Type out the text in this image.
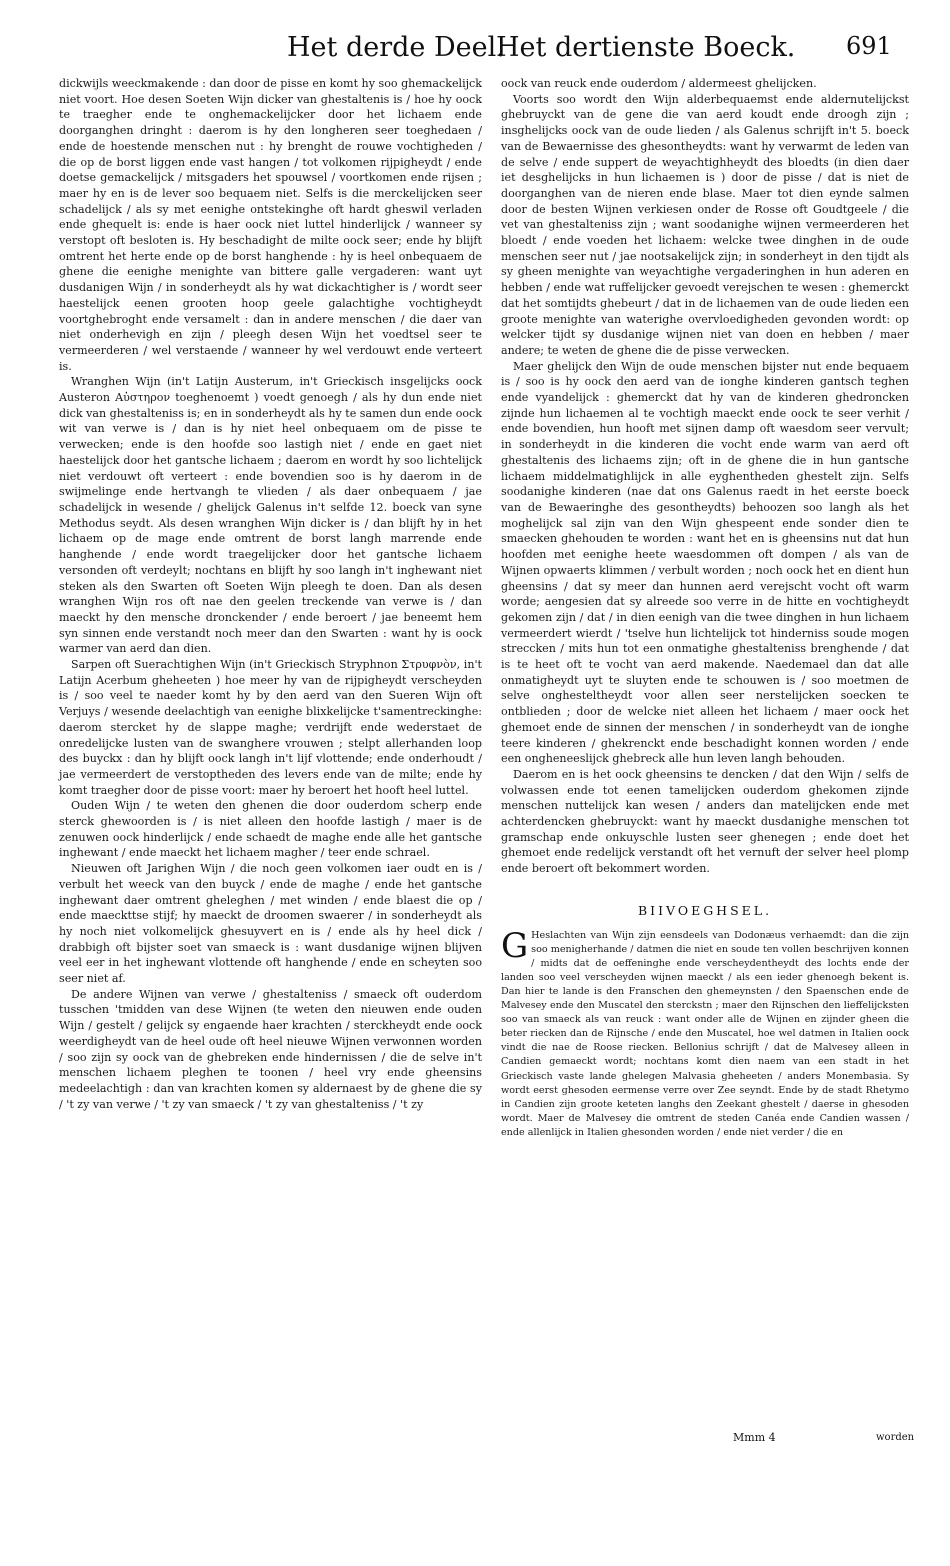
Het derde Deel.
Het dertienste Boeck. 691

dickwijls weeckmakende : dan door de pisse en komt hy soo ghemackelijck niet voort. Hoe desen Soeten Wijn dicker van ghestaltenis is / hoe hy oock te traegher ende te onghemackelijcker door het lichaem ende doorganghen dringht : daerom is hy den longheren seer toeghedaen / ende de hoestende menschen nut : hy brenght de rouwe vochtigheden / die op de borst liggen ende vast hangen / tot volkomen rijpigheydt / ende doetse gemackelijck / mitsgaders het spouwsel / voortkomen ende rijsen ; maer hy en is de lever soo bequaem niet. Selfs is die merckelijcken seer schadelijck / als sy met eenighe ontstekinghe oft hardt gheswil verladen ende ghequelt is: ende is haer oock niet luttel hinderlijck / wanneer sy verstopt oft besloten is. Hy beschadight de milte oock seer; ende hy blijft omtrent het herte ende op de borst hanghende : hy is heel onbequaem de ghene die eenighe menighte van bittere galle vergaderen: want uyt dusdanigen Wijn / in sonderheydt als hy wat dickachtigher is / wordt seer haestelijck eenen grooten hoop geele galachtighe vochtigheydt voortghebroght ende versamelt : dan in andere menschen / die daer van niet onderhevigh en zijn / pleegh desen Wijn het voedtsel seer te vermeerderen / wel verstaende / wanneer hy wel verdouwt ende verteert is.

Wranghen Wijn (in't Latijn Austerum, in't Grieckisch insgelijcks oock Austeron Aὐστηρον toeghenoemt ) voedt genoegh / als hy dun ende niet dick van ghestalteniss is; en in sonderheydt als hy te samen dun ende oock wit van verwe is / dan is hy niet heel onbequaem om de pisse te verwecken; ende is den hoofde soo lastigh niet / ende en gaet niet haestelijck door het gantsche lichaem ; daerom en wordt hy soo lichtelijck niet verdouwt oft verteert : ende bovendien soo is hy daerom in de swijmelinge ende hertvangh te vlieden / als daer onbequaem / jae schadelijck in wesende / ghelijck Galenus in't selfde 12. boeck van syne Methodus seydt. Als desen wranghen Wijn dicker is / dan blijft hy in het lichaem op de mage ende omtrent de borst langh marrende ende hanghende / ende wordt traegelijcker door het gantsche lichaem versonden oft verdeylt; nochtans en blijft hy soo langh in't inghewant niet steken als den Swarten oft Soeten Wijn pleegh te doen. Dan als desen wranghen Wijn ros oft nae den geelen treckende van verwe is / dan maeckt hy den mensche dronckender / ende beroert / jae beneemt hem syn sinnen ende verstandt noch meer dan den Swarten : want hy is oock warmer van aerd dan dien.

Sarpen oft Suerachtighen Wijn (in't Grieckisch Stryphnon Στρυφνὸν, in't Latijn Acerbum gheheeten ) hoe meer hy van de rijpigheydt verscheyden is / soo veel te naeder komt hy by den aerd van den Sueren Wijn oft Verjuys / wesende deelachtigh van eenighe blixkelijcke t'samentreckinghe: daerom stercket hy de slappe maghe; verdrijft ende wederstaet de onredelijcke lusten van de swanghere vrouwen ; stelpt allerhanden loop des buyckx : dan hy blijft oock langh in't lijf vlottende; ende onderhoudt / jae vermeerdert de verstoptheden des levers ende van de milte; ende hy komt traegher door de pisse voort: maer hy beroert het hooft heel luttel.

Ouden Wijn / te weten den ghenen die door ouderdom scherp ende sterck ghewoorden is / is niet alleen den hoofde lastigh / maer is de zenuwen oock hinderlijck / ende schaedt de maghe ende alle het gantsche inghewant / ende maeckt het lichaem magher / teer ende schrael.

Nieuwen oft Jarighen Wijn / die noch geen volkomen iaer oudt en is / verbult het weeck van den buyck / ende de maghe / ende het gantsche inghewant daer omtrent gheleghen / met winden / ende blaest die op / ende maeckttse stijf; hy maeckt de droomen swaerer / in sonderheydt als hy noch niet volkomelijck ghesuyvert en is / ende als hy heel dick / drabbigh oft bijster soet van smaeck is : want dusdanige wijnen blijven veel eer in het inghewant vlottende oft hanghende / ende en scheyten soo seer niet af.

De andere Wijnen van verwe / ghestalteniss / smaeck oft ouderdom tusschen 'tmidden van dese Wijnen (te weten den nieuwen ende ouden Wijn / gestelt / gelijck sy engaende haer krachten / sterckheydt ende oock weerdigheydt van de heel oude oft heel nieuwe Wijnen verwonnen worden / soo zijn sy oock van de ghebreken ende hindernissen / die de selve in't menschen lichaem pleghen te toonen / heel vry ende gheensins medeelachtigh : dan van krachten komen sy aldernaest by de ghene die sy / 't zy van verwe / 't zy van smaeck / 't zy van ghestalteniss / 't zy

oock van reuck ende ouderdom / aldermeest ghelijcken.

Voorts soo wordt den Wijn alderbequaemst ende aldernutelijckst ghebruyckt van de gene die van aerd koudt ende droogh zijn ; insghelijcks oock van de oude lieden / als Galenus schrijft in't 5. boeck van de Bewaernisse des ghesontheydts: want hy verwarmt de leden van de selve / ende suppert de weyachtighheydt des bloedts (in dien daer iet desghelijcks in hun lichaemen is ) door de pisse / dat is niet de doorganghen van de nieren ende blase. Maer tot dien eynde salmen door de besten Wijnen verkiesen onder de Rosse oft Goudtgeele / die vet van ghestalteniss zijn ; want soodanighe wijnen vermeerderen het bloedt / ende voeden het lichaem: welcke twee dinghen in de oude menschen seer nut / jae nootsakelijck zijn; in sonderheyt in den tijdt als sy gheen menighte van weyachtighe vergaderinghen in hun aderen en hebben / ende wat ruffelijcker gevoedt verejschen te wesen : ghemerckt dat het somtijdts ghebeurt / dat in de lichaemen van de oude lieden een groote menighte van waterighe overvloedigheden gevonden wordt: op welcker tijdt sy dusdanige wijnen niet van doen en hebben / maer andere; te weten de ghene die de pisse verwecken.

Maer ghelijck den Wijn de oude menschen bijster nut ende bequaem is / soo is hy oock den aerd van de ionghe kinderen gantsch teghen ende vyandelijck : ghemerckt dat hy van de kinderen ghedroncken zijnde hun lichaemen al te vochtigh maeckt ende oock te seer verhit / ende bovendien, hun hooft met sijnen damp oft waesdom seer vervult; in sonderheydt in die kinderen die vocht ende warm van aerd oft ghestaltenis des lichaems zijn; oft in de ghene die in hun gantsche lichaem middelmatighlijck in alle eyghentheden ghestelt zijn. Selfs soodanighe kinderen (nae dat ons Galenus raedt in het eerste boeck van de Bewaeringhe des gesontheydts) behoozen soo langh als het moghelijck sal zijn van den Wijn ghespeent ende sonder dien te smaecken ghehouden te worden : want het en is gheensins nut dat hun hoofden met eenighe heete waesdommen oft dompen / als van de Wijnen opwaerts klimmen / verbult worden ; noch oock het en dient hun gheensins / dat sy meer dan hunnen aerd verejscht vocht oft warm worde; aengesien dat sy alreede soo verre in de hitte en vochtigheydt gekomen zijn / dat / in dien eenigh van die twee dinghen in hun lichaem vermeerdert wierdt / 'tselve hun lichtelijck tot hinderniss soude mogen streccken / mits hun tot een onmatighe ghestalteniss brenghende / dat is te heet oft te vocht van aerd makende. Naedemael dan dat alle onmatigheydt uyt te sluyten ende te schouwen is / soo moetmen de selve onghesteltheydt voor allen seer nerstelijcken soecken te ontblieden ; door de welcke niet alleen het lichaem / maer oock het ghemoet ende de sinnen der menschen / in sonderheydt van de ionghe teere kinderen / ghekrenckt ende beschadight konnen worden / ende een ongheneeslijck ghebreck alle hun leven langh behouden.

Daerom en is het oock gheensins te dencken / dat den Wijn / selfs de volwassen ende tot eenen tamelijcken ouderdom ghekomen zijnde menschen nuttelijck kan wesen / anders dan matelijcken ende met achterdencken ghebruyckt: want hy maeckt dusdanighe menschen tot gramschap ende onkuyschle lusten seer ghenegen ; ende doet het ghemoet ende redelijck verstandt oft het vernuft der selver heel plomp ende beroert oft bekommert worden.

BIIVOEGHSEL.
G Heslachten van Wijn zijn eensdeels van Dodonæus verhaemdt: dan die zijn soo menigherhande / datmen die niet en soude ten vollen beschrijven konnen / midts dat de oeffeninghe ende verscheydentheydt des lochts ende der landen soo veel verscheyden wijnen maeckt / als een ieder ghenoegh bekent is. Dan hier te lande is den Franschen den ghemeynsten / den Spaenschen ende de Malvesey ende den Muscatel den sterckstn ; maer den Rijnschen den lieffelijcksten soo van smaeck als van reuck : want onder alle de Wijnen en zijnder gheen die beter riecken dan de Rijnsche / ende den Muscatel, hoe wel datmen in Italien oock vindt die nae de Roose riecken. Bellonius schrijft / dat de Malvesey alleen in Candien gemaeckt wordt; nochtans komt dien naem van een stadt in het Grieckisch vaste lande ghelegen Malvasia gheheeten / anders Monembasia. Sy wordt eerst ghesoden eermense verre over Zee seyndt. Ende by de stadt Rhetymo in Candien zijn groote keteten langhs den Zeekant ghestelt / daerse in ghesoden wordt. Maer de Malvesey die omtrent de steden Canéa ende Candien wassen / ende allenlijck in Italien ghesonden worden / ende niet verder / die en
Mmm 4	worden
